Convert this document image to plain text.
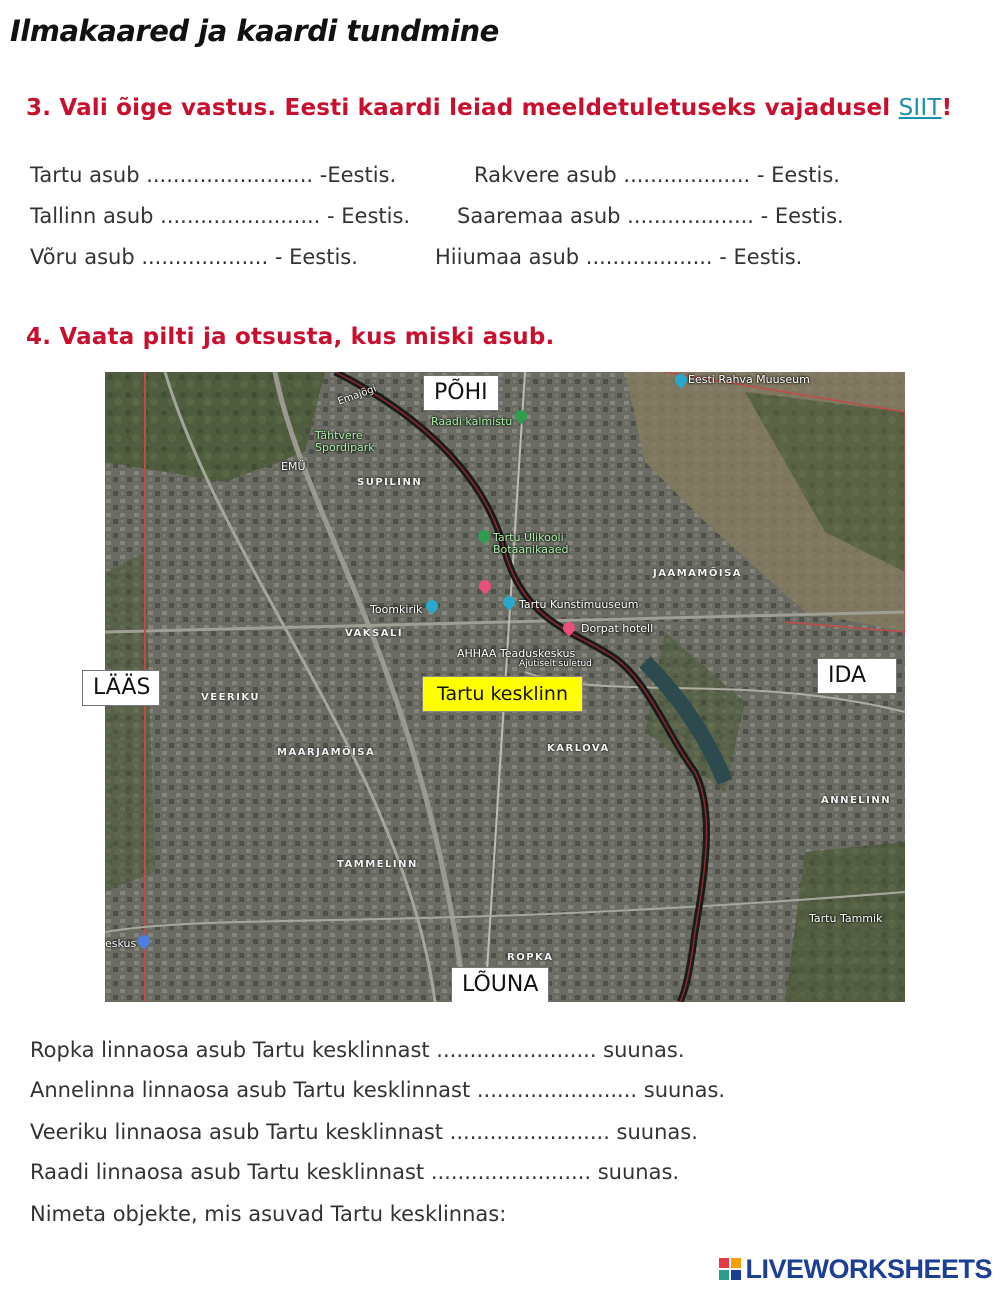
Ilmakaared ja kaardi tundmine
3. Vali õige vastus. Eesti kaardi leiad meeldetuletuseks vajadusel SIIT!
Tartu asub ......................... -Eestis.	Rakvere asub ................... - Eestis.
Tallinn asub ........................ - Eestis. Saaremaa asub ................... - Eestis.
Võru asub ................... - Eestis.	Hiiumaa asub ................... - Eestis.
4. Vaata pilti ja otsusta, kus miski asub.
SUPILINN
JAAMAMÕISA
VAKSALI
VEERIKU
MAARJAMÕISA	KARLOVA
TAMMELINN
ANNELINN
ROPKA
Eesti Rahva Muuseum
Raadi kalmistu
Tähtvere Spordipark
EMÜ
Tartu Ülikooli Botaanikaaed
Toomkirik	Tartu Kunstimuuseum
Dorpat hotell
AHHAA Teaduskeskus
Ajutiselt suletud
Tartu Tammik
Emajõgi
eskus
PÕHI
LÕUNA
IDA
Tartu kesklinn
LÄÄS
Ropka linnaosa asub Tartu kesklinnast ........................ suunas.
Annelinna linnaosa asub Tartu kesklinnast ........................ suunas.
Veeriku linnaosa asub Tartu kesklinnast ........................ suunas.
Raadi linnaosa asub Tartu kesklinnast ........................ suunas.
Nimeta objekte, mis asuvad Tartu kesklinnas:
LIVEWORKSHEETS
